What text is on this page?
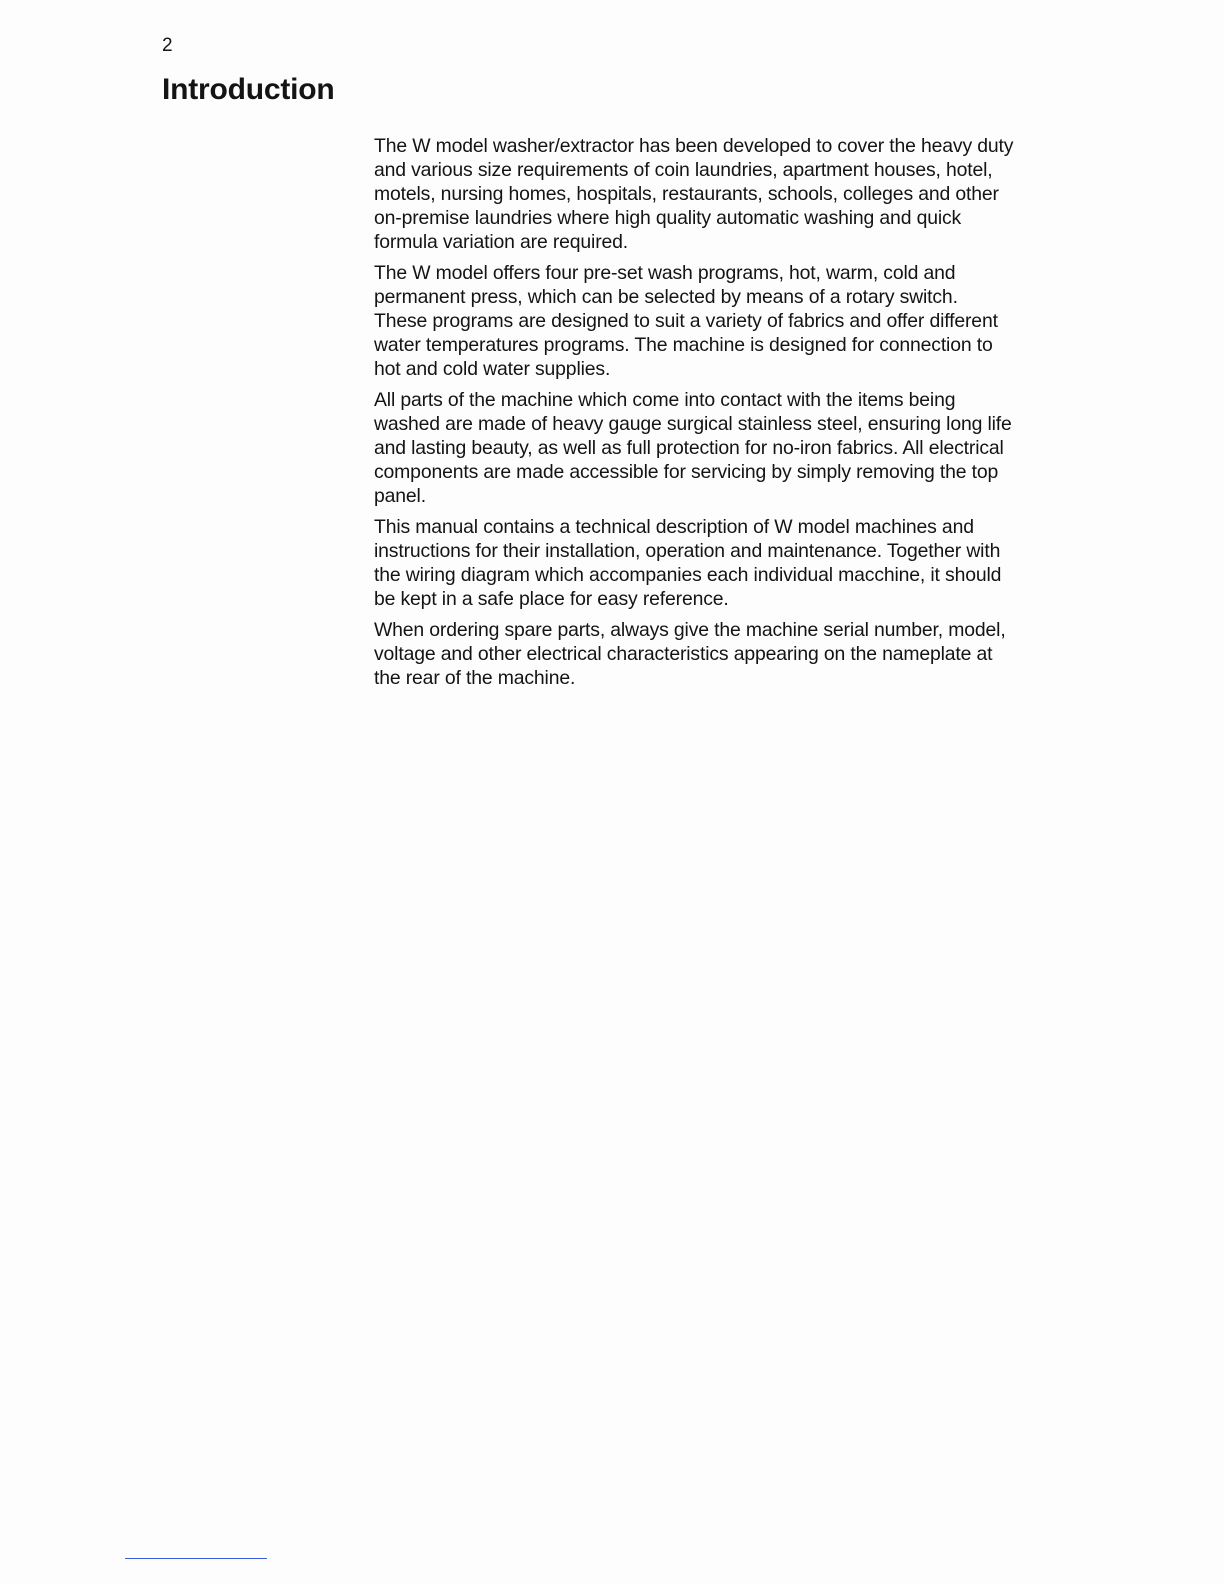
2
Introduction

The W model washer/extractor has been developed to cover the heavy duty and various size requirements of coin laundries, apartment houses, hotel, motels, nursing homes, hospitals, restaurants, schools, colleges and other on-premise laundries where high quality automatic washing and quick formula variation are required.

The W model offers four pre-set wash programs, hot, warm, cold and permanent press, which can be selected by means of a rotary switch. These programs are designed to suit a variety of fabrics and offer different water temperatures programs. The machine is designed for connection to hot and cold water supplies.

All parts of the machine which come into contact with the items being washed are made of heavy gauge surgical stainless steel, ensuring long life and lasting beauty, as well as full protection for no-iron fabrics. All electrical components are made accessible for servicing by simply removing the top panel.

This manual contains a technical description of W model machines and instructions for their installation, operation and maintenance. Together with the wiring diagram which accompanies each individual macchine, it should be kept in a safe place for easy reference.

When ordering spare parts, always give the machine serial number, model, voltage and other electrical characteristics appearing on the nameplate at the rear of the machine.
